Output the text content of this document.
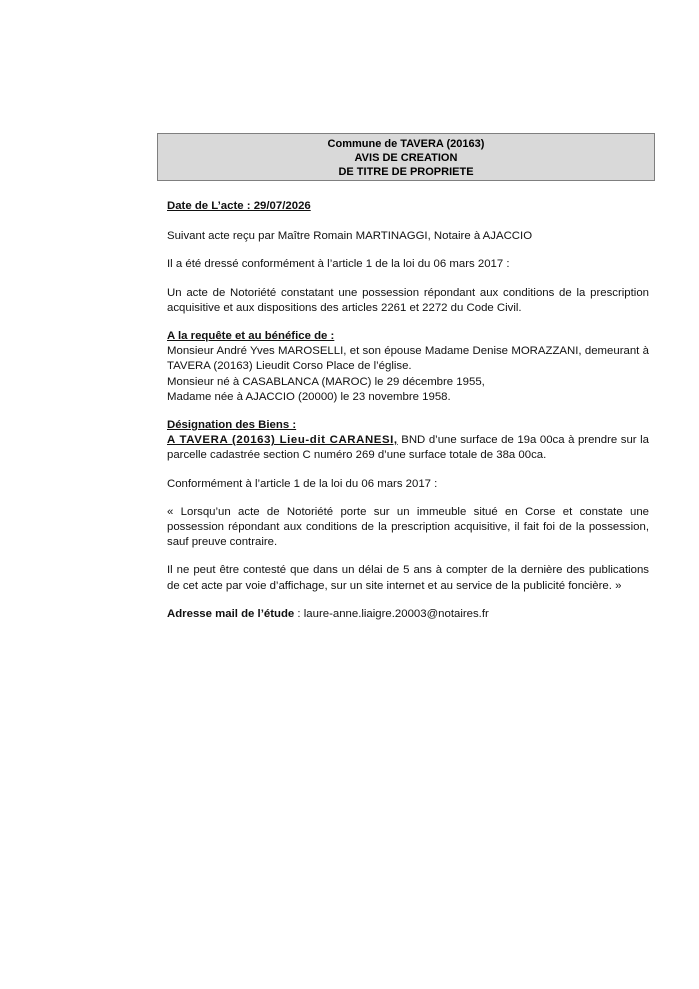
Commune de TAVERA (20163)
AVIS DE CREATION
DE TITRE DE PROPRIETE

Date de L’acte : 29/07/2026

Suivant acte reçu par Maître Romain MARTINAGGI, Notaire à AJACCIO

Il a été dressé conformément à l’article 1 de la loi du 06 mars 2017 :

Un acte de Notoriété constatant une possession répondant aux conditions de la prescription acquisitive et aux dispositions des articles 2261 et 2272 du Code Civil.

A la requête et au bénéfice de :
Monsieur André Yves MAROSELLI, et son épouse Madame Denise MORAZZANI, demeurant à TAVERA (20163) Lieudit Corso Place de l’église.
Monsieur né à CASABLANCA (MAROC) le 29 décembre 1955,
Madame née à AJACCIO (20000) le 23 novembre 1958.
Désignation des Biens :
A TAVERA (20163) Lieu-dit CARANESI, BND d’une surface de 19a 00ca à prendre sur la parcelle cadastrée section C numéro 269 d’une surface totale de 38a 00ca.

Conformément à l’article 1 de la loi du 06 mars 2017 :

« Lorsqu’un acte de Notoriété porte sur un immeuble situé en Corse et constate une possession répondant aux conditions de la prescription acquisitive, il fait foi de la possession, sauf preuve contraire.

Il ne peut être contesté que dans un délai de 5 ans à compter de la dernière des publications de cet acte par voie d’affichage, sur un site internet et au service de la publicité foncière. »

Adresse mail de l’étude : laure-anne.liaigre.20003@notaires.fr
